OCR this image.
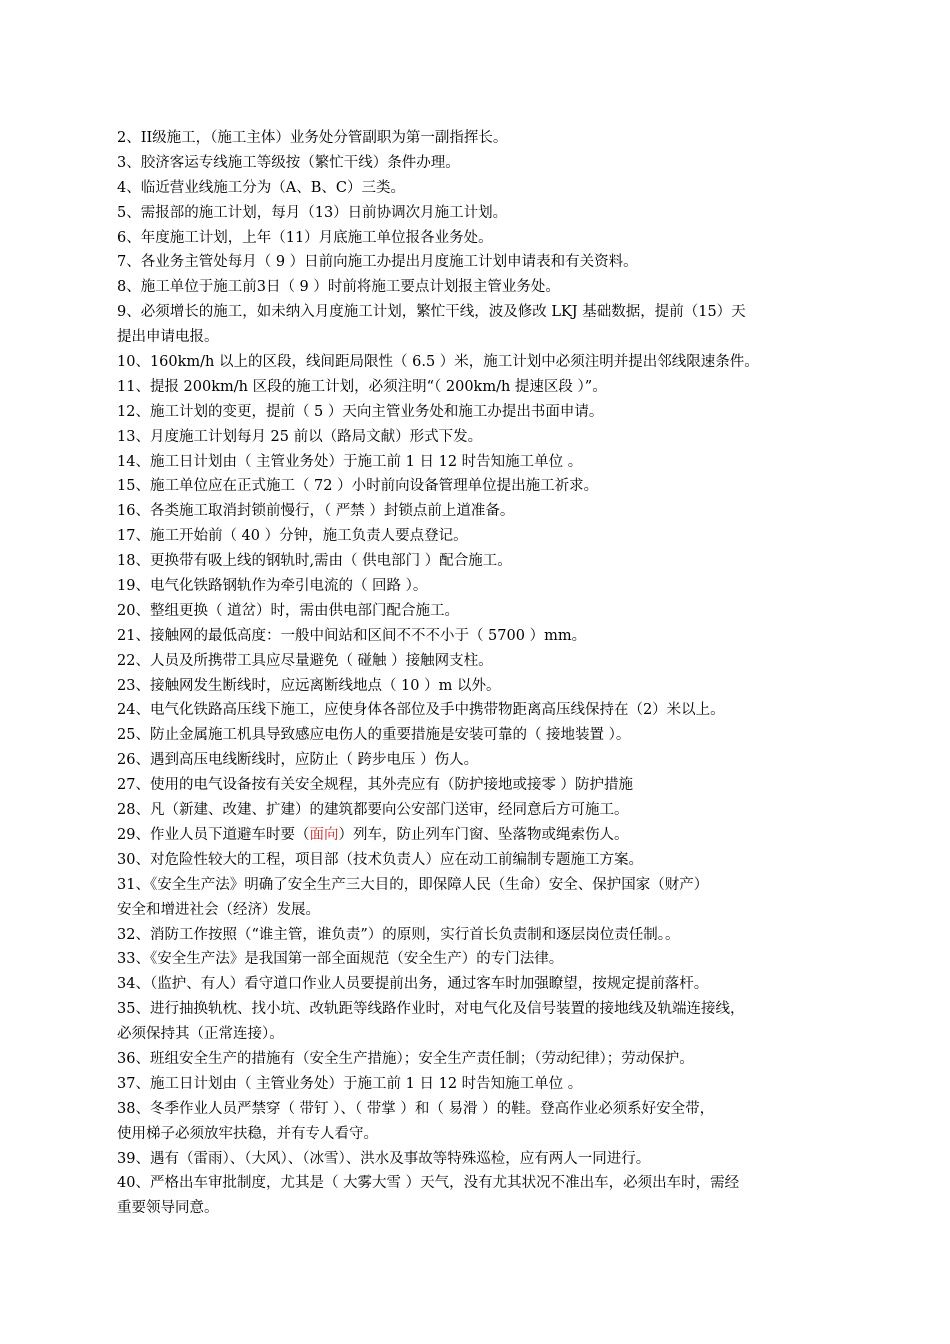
2、II级施工，（施工主体）业务处分管副职为第一副指挥长。
3、胶济客运专线施工等级按（繁忙干线）条件办理。
4、临近营业线施工分为（A、B、C）三类。
5、需报部的施工计划，每月（13）日前协调次月施工计划。
6、年度施工计划，上年（11）月底施工单位报各业务处。
7、各业务主管处每月（ 9 ）日前向施工办提出月度施工计划申请表和有关资料。
8、施工单位于施工前3日（ 9 ）时前将施工要点计划报主管业务处。
9、必须增长的施工，如未纳入月度施工计划，繁忙干线，波及修改 LKJ 基础数据，提前（15）天
提出申请电报。
10、160km/h 以上的区段，线间距局限性（ 6.5 ）米，施工计划中必须注明并提出邻线限速条件。
11、提报 200km/h 区段的施工计划，必须注明“（ 200km/h 提速区段 ）”。
12、施工计划的变更，提前（ 5 ）天向主管业务处和施工办提出书面申请。
13、月度施工计划每月 25 前以（路局文献）形式下发。
14、施工日计划由（ 主管业务处）于施工前 1 日 12 时告知施工单位 。
15、施工单位应在正式施工（ 72 ）小时前向设备管理单位提出施工祈求。
16、各类施工取消封锁前慢行，（ 严禁 ）封锁点前上道准备。
17、施工开始前（ 40 ）分钟，施工负责人要点登记。
18、更换带有吸上线的钢轨时,需由（ 供电部门 ）配合施工。
19、电气化铁路钢轨作为牵引电流的（ 回路 ）。
20、整组更换（ 道岔）时，需由供电部门配合施工。
21、接触网的最低高度：一般中间站和区间不不不小于（ 5700 ）mm。
22、人员及所携带工具应尽量避免（ 碰触 ）接触网支柱。
23、接触网发生断线时，应远离断线地点（ 10 ）m 以外。
24、电气化铁路高压线下施工，应使身体各部位及手中携带物距离高压线保持在（2）米以上。
25、防止金属施工机具导致感应电伤人的重要措施是安装可靠的（ 接地装置 ）。
26、遇到高压电线断线时，应防止（ 跨步电压 ）伤人。
27、使用的电气设备按有关安全规程，其外壳应有（防护接地或接零 ）防护措施
28、凡（新建、改建、扩建）的建筑都要向公安部门送审，经同意后方可施工。
29、作业人员下道避车时要（面向）列车，防止列车门窗、坠落物或绳索伤人。
30、对危险性较大的工程，项目部（技术负责人）应在动工前编制专题施工方案。
31、《安全生产法》明确了安全生产三大目的，即保障人民（生命）安全、保护国家（财产）
安全和增进社会（经济）发展。
32、消防工作按照（“谁主管，谁负责”）的原则，实行首长负责制和逐层岗位责任制。。
33、《安全生产法》是我国第一部全面规范（安全生产）的专门法律。
34、（监护、有人）看守道口作业人员要提前出务，通过客车时加强瞭望，按规定提前落杆。
35、进行抽换轨枕、找小坑、改轨距等线路作业时，对电气化及信号装置的接地线及轨端连接线，
必须保持其（正常连接）。
36、班组安全生产的措施有（安全生产措施）；安全生产责任制；（劳动纪律）；劳动保护。
37、施工日计划由（ 主管业务处）于施工前 1 日 12 时告知施工单位 。
38、冬季作业人员严禁穿（ 带钉 ）、（ 带掌 ）和（ 易滑 ）的鞋。登高作业必须系好安全带，
使用梯子必须放牢扶稳，并有专人看守。
39、遇有（雷雨）、（大风）、（冰雪）、洪水及事故等特殊巡检，应有两人一同进行。
40、严格出车审批制度，尤其是（ 大雾大雪 ）天气，没有尤其状况不准出车，必须出车时，需经
重要领导同意。
